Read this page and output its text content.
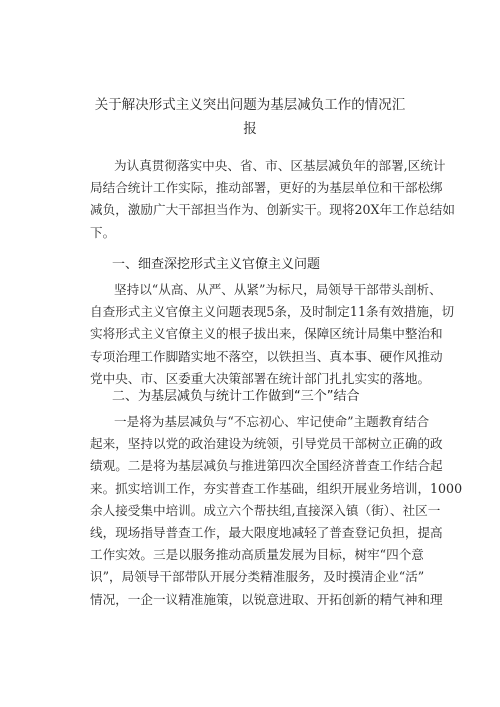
关于解决形式主义突出问题为基层减负工作的情况汇
报
为认真贯彻落实中央、省、市、区基层减负年的部署,区统计
局结合统计工作实际，推动部署，更好的为基层单位和干部松绑
减负，激励广大干部担当作为、创新实干。现将20X年工作总结如
下。
一、细查深挖形式主义官僚主义问题
坚持以“从高、从严、从紧”为标尺，局领导干部带头剖析、
自查形式主义官僚主义问题表现5条，及时制定11条有效措施，切
实将形式主义官僚主义的根子拔出来，保障区统计局集中整治和
专项治理工作脚踏实地不落空，以铁担当、真本事、硬作风推动
党中央、市、区委重大决策部署在统计部门扎扎实实的落地。
二、为基层减负与统计工作做到“三个”结合
一是将为基层减负与“不忘初心、牢记使命”主题教育结合
起来，坚持以党的政治建设为统领，引导党员干部树立正确的政
绩观。二是将为基层减负与推进第四次全国经济普查工作结合起
来。抓实培训工作，夯实普查工作基础，组织开展业务培训，1000
余人接受集中培训。成立六个帮扶组,直接深入镇（街）、社区一
线，现场指导普查工作，最大限度地减轻了普查登记负担，提高
工作实效。三是以服务推动高质量发展为目标，树牢“四个意
识”，局领导干部带队开展分类精准服务，及时摸清企业“活”
情况，一企一议精准施策，以锐意进取、开拓创新的精气神和理
